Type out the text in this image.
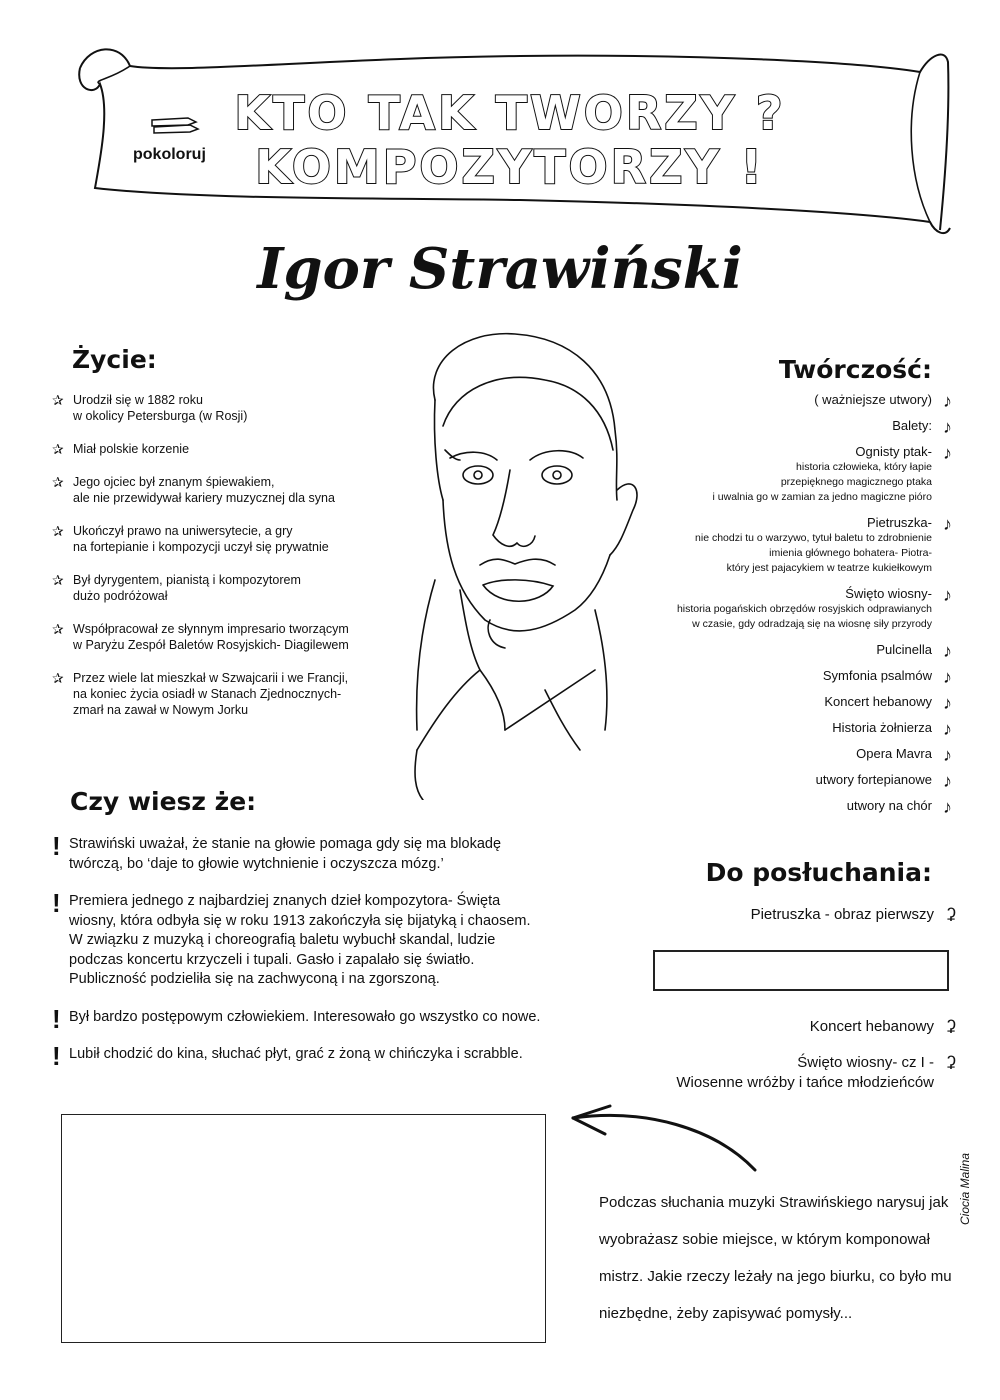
pokoloruj
KTO TAK TWORZY ?
KOMPOZYTORZY !
Igor Strawiński
Życie:
✰ Urodził się w 1882 roku
w okolicy Petersburga (w Rosji)
✰ Miał polskie korzenie
✰ Jego ojciec był znanym śpiewakiem,
ale nie przewidywał kariery muzycznej dla syna
✰ Ukończył prawo na uniwersytecie, a gry
na fortepianie i kompozycji uczył się prywatnie
✰ Był dyrygentem, pianistą i kompozytorem
dużo podróżował
✰ Współpracował ze słynnym impresario tworzącym
w Paryżu Zespół Baletów Rosyjskich- Diagilewem
✰ Przez wiele lat mieszkał w Szwajcarii i we Francji,
na koniec życia osiadł w Stanach Zjednocznych-
zmarł na zawał w Nowym Jorku
Twórczość:
( ważniejsze utwory) ♪
Balety: ♪
Ognisty ptak-
historia człowieka, który łapie
przepięknego magicznego ptaka
i uwalnia go w zamian za jedno magiczne pióro
♪
Pietruszka-
nie chodzi tu o warzywo, tytuł baletu to zdrobnienie
imienia głównego bohatera- Piotra-
który jest pajacykiem w teatrze kukiełkowym
♪
Święto wiosny-
historia pogańskich obrzędów rosyjskich odprawianych
w czasie, gdy odradzają się na wiosnę siły przyrody
♪
Pulcinella ♪
Symfonia psalmów ♪
Koncert hebanowy ♪
Historia żołnierza ♪
Opera Mavra ♪
utwory fortepianowe ♪
utwory na chór ♪
Czy wiesz że:
! Strawiński uważał, że stanie na głowie pomaga gdy się ma blokadę twórczą, bo ‘daje to głowie wytchnienie i oczyszcza mózg.’
! Premiera jednego z najbardziej znanych dzieł kompozytora- Święta wiosny, która odbyła się w roku 1913 zakończyła się bijatyką i chaosem. W związku z muzyką i choreografią baletu wybuchł skandal, ludzie podczas koncertu krzyczeli i tupali. Gasło i zapalało się światło. Publiczność podzieliła się na zachwyconą i na zgorszoną.
! Był bardzo postępowym człowiekiem. Interesowało go wszystko co nowe.
! Lubił chodzić do kina, słuchać płyt, grać z żoną w chińczyka i scrabble.
Do posłuchania:
Pietruszka - obraz pierwszy ʡ
Koncert hebanowy ʡ
Święto wiosny- cz I -
Wiosenne wróżby i tańce młodzieńców
ʡ
Podczas słuchania muzyki Strawińskiego narysuj jak wyobrażasz sobie miejsce, w którym komponował mistrz. Jakie rzeczy leżały na jego biurku, co było mu niezbędne, żeby zapisywać pomysły...
Ciocia Malina
